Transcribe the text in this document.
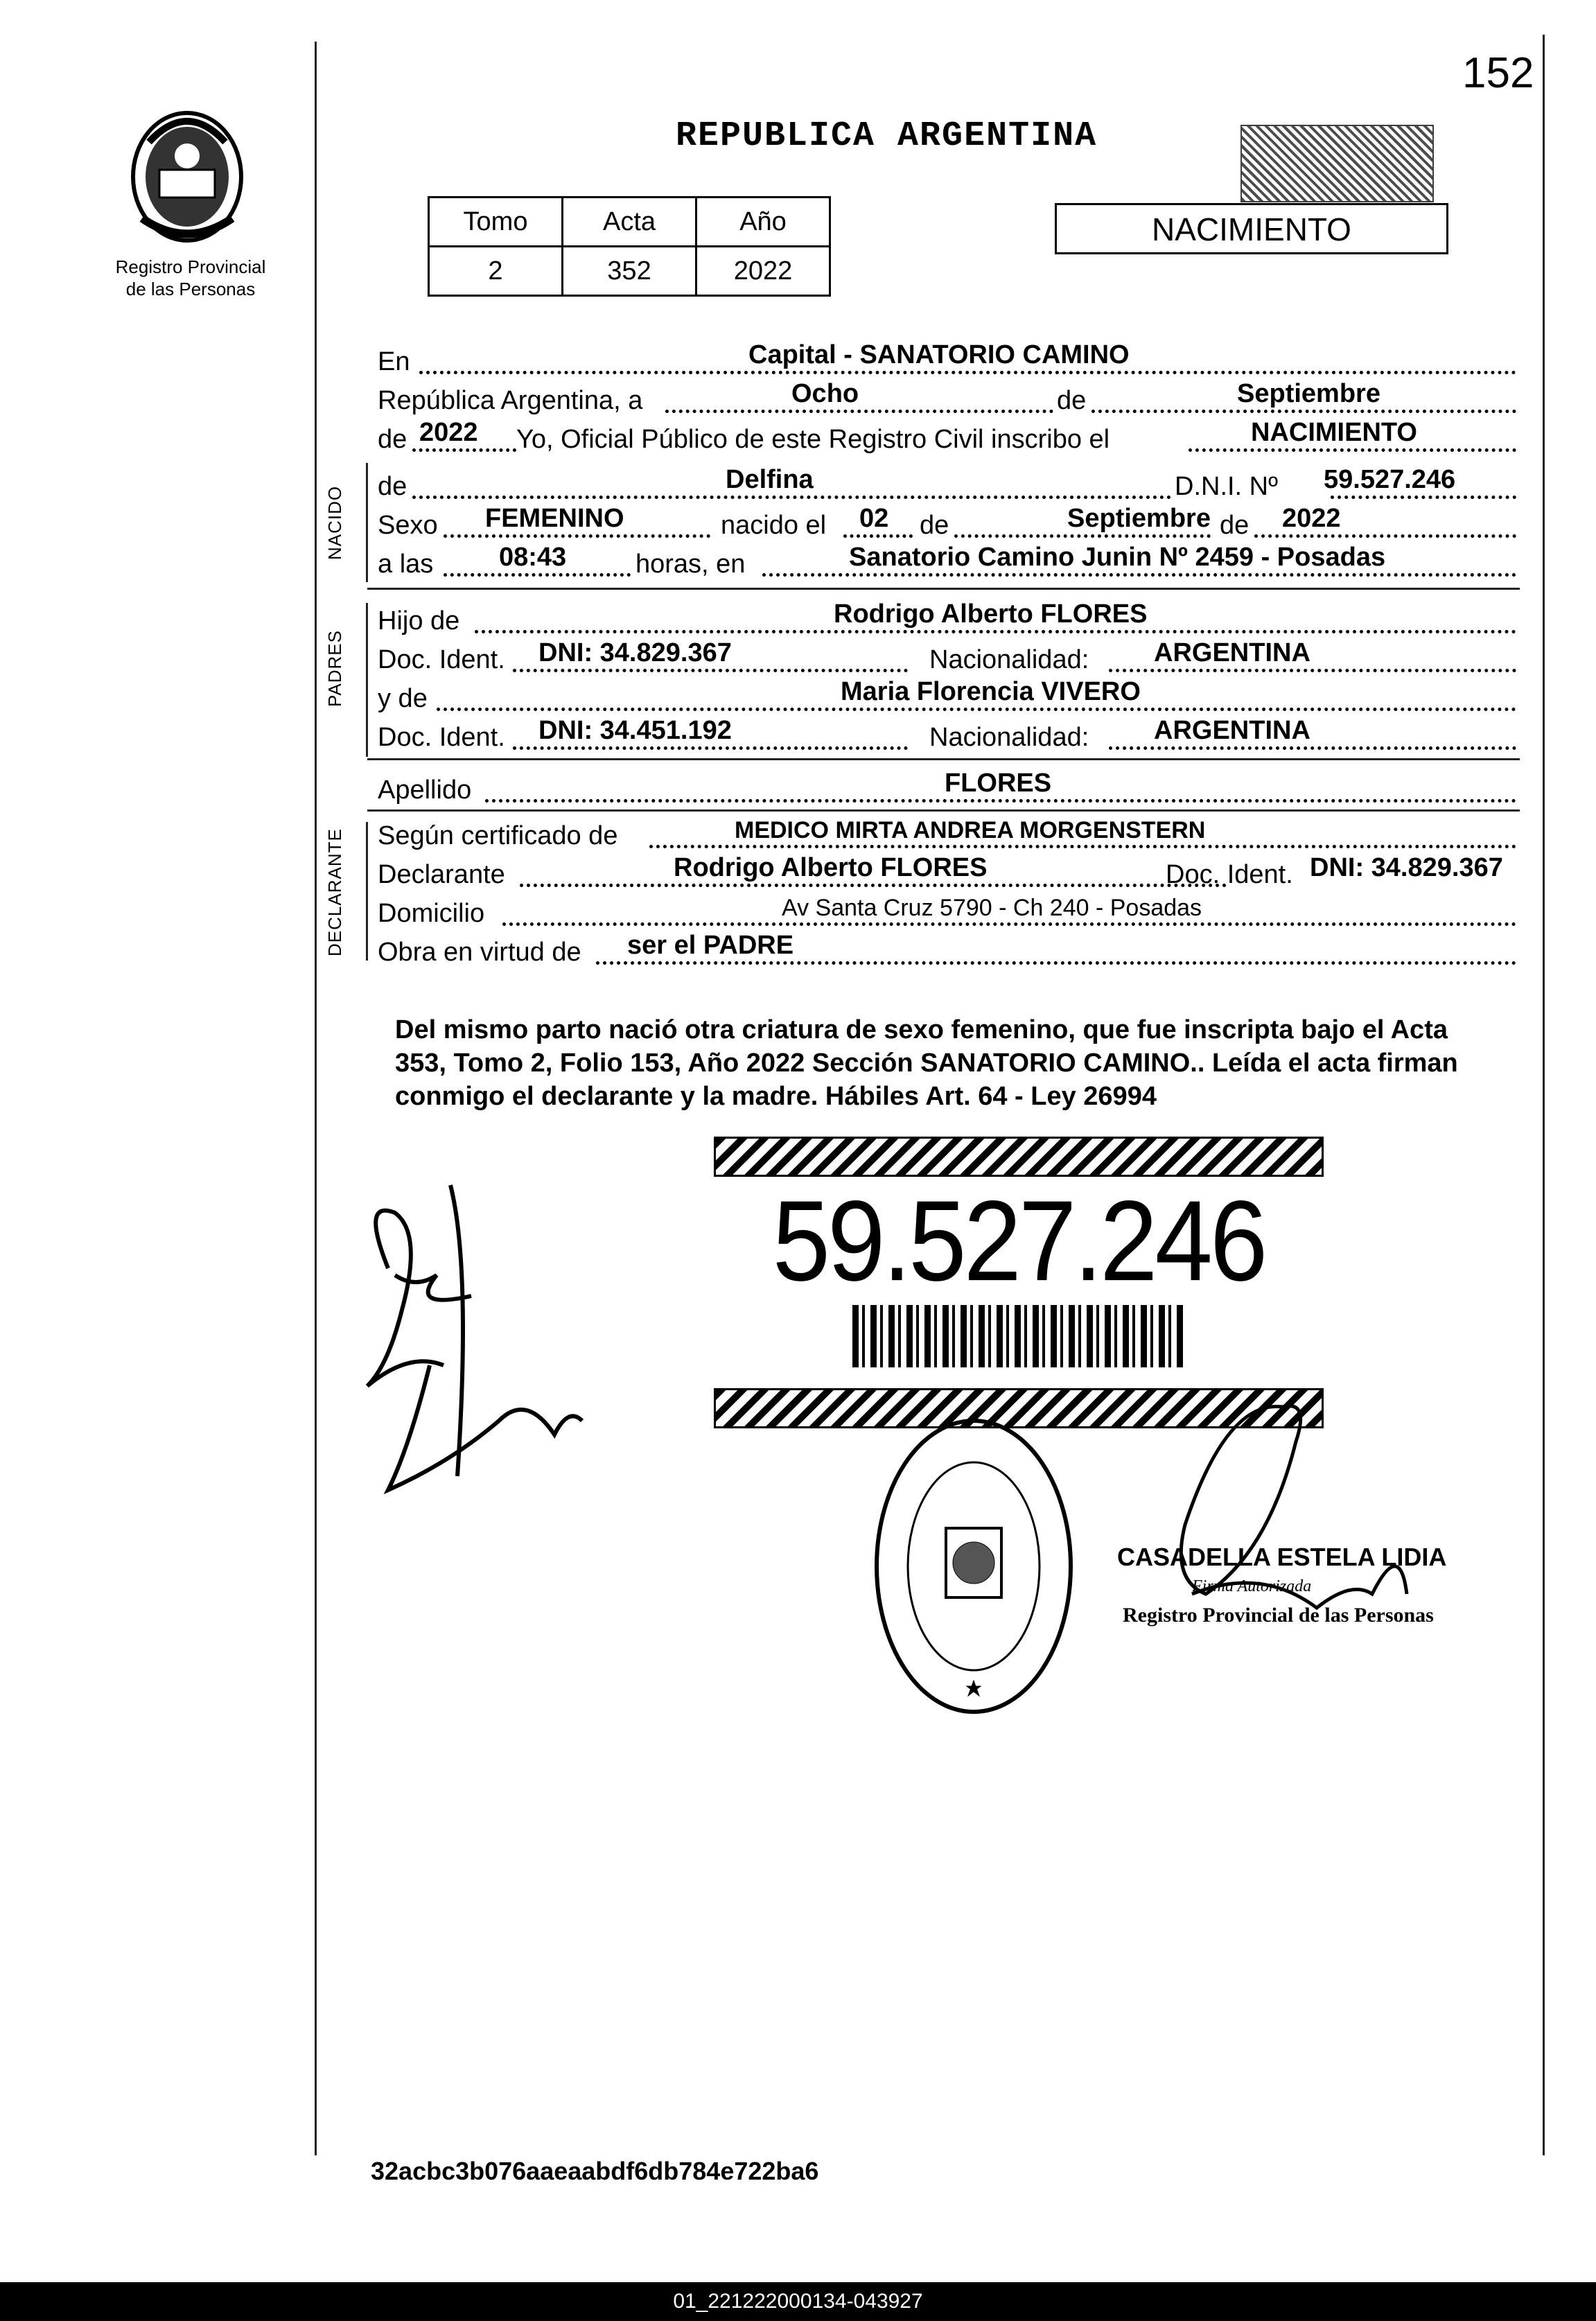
152
Registro Provincial
de las Personas
REPUBLICA ARGENTINA
NACIMIENTO
Tomo	Acta	Año
2	352	2022
En	Capital - SANATORIO CAMINO
República Argentina, a	Ocho	de	Septiembre
de 2022 Yo, Oficial Público de este Registro Civil inscribo el	NACIMIENTO
NACIDO de	Delfina	D.N.I. Nº 59.527.246
Sexo FEMENINO	nacido el 02 de	Septiembre de 2022
a las 08:43	horas, en	Sanatorio Camino Junin Nº 2459 - Posadas
PADRES
Hijo de	Rodrigo Alberto FLORES
Doc. Ident. DNI: 34.829.367	Nacionalidad: ARGENTINA
y de	Maria Florencia VIVERO
Doc. Ident. DNI: 34.451.192	Nacionalidad: ARGENTINA
Apellido	FLORES
DECLARANTE Según certificado de	MEDICO MIRTA ANDREA MORGENSTERN
Declarante	Rodrigo Alberto FLORES	Doc. Ident. DNI: 34.829.367
Domicilio	Av Santa Cruz 5790 - Ch 240 - Posadas
Obra en virtud de ser el PADRE
Del mismo parto nació otra criatura de sexo femenino, que fue inscripta bajo el Acta 353, Tomo 2, Folio 153, Año 2022 Sección SANATORIO CAMINO.. Leída el acta firman conmigo el declarante y la madre. Hábiles Art. 64 - Ley 26994
59.527.246
CASADELLA ESTELA LIDIA
Firma Autorizada
Registro Provincial de las Personas
32acbc3b076aaeaabdf6db784e722ba6
01_221222000134-043927
